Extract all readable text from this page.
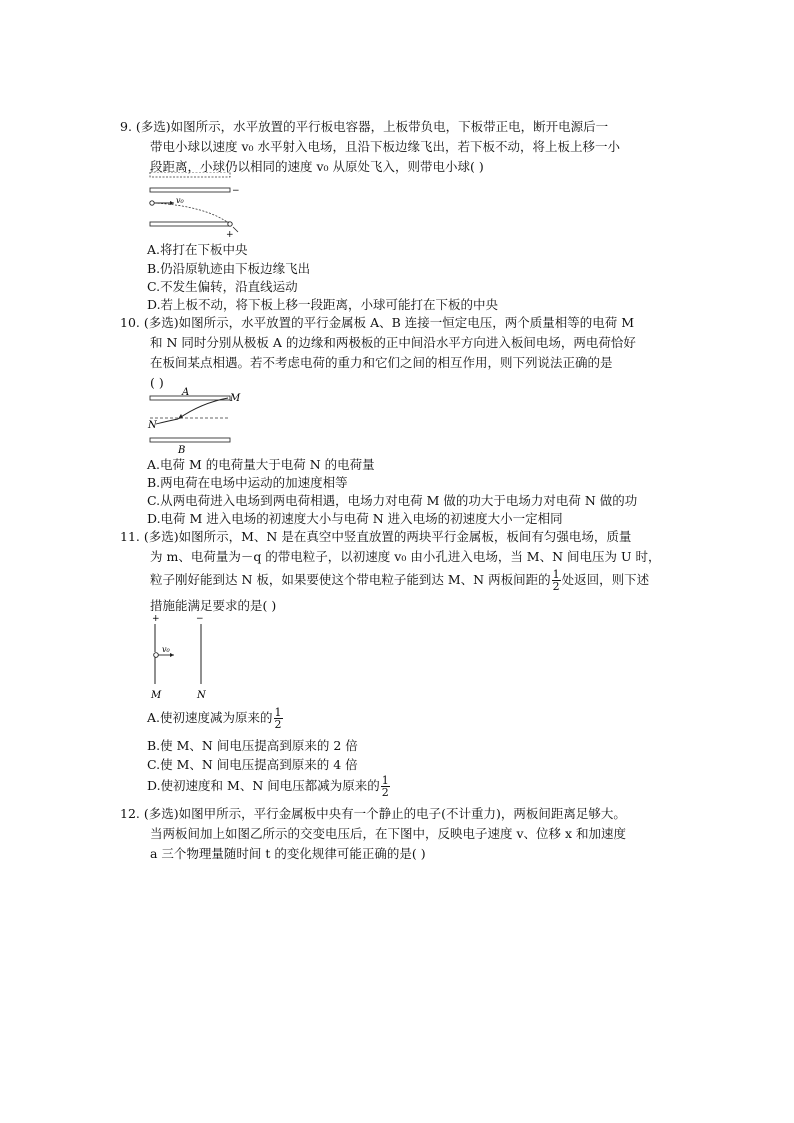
9. (多选)如图所示，水平放置的平行板电容器，上板带负电，下板带正电，断开电源后一

带电小球以速度 v₀ 水平射入电场，且沿下板边缘飞出，若下板不动，将上板上移一小

段距离，小球仍以相同的速度 v₀ 从原处飞入，则带电小球( )

−
+
v₀
A.将打在下板中央
B.仍沿原轨迹由下板边缘飞出
C.不发生偏转，沿直线运动
D.若上板不动，将下板上移一段距离，小球可能打在下板的中央

10. (多选)如图所示，水平放置的平行金属板 A、B 连接一恒定电压，两个质量相等的电荷 M

和 N 同时分别从极板 A 的边缘和两极板的正中间沿水平方向进入板间电场，两电荷恰好

在板间某点相遇。若不考虑电荷的重力和它们之间的相互作用，则下列说法正确的是

( )

A
M
N
B
A.电荷 M 的电荷量大于电荷 N 的电荷量
B.两电荷在电场中运动的加速度相等
C.从两电荷进入电场到两电荷相遇，电场力对电荷 M 做的功大于电场力对电荷 N 做的功
D.电荷 M 进入电场的初速度大小与电荷 N 进入电场的初速度大小一定相同

11. (多选)如图所示，M、N 是在真空中竖直放置的两块平行金属板，板间有匀强电场，质量

为 m、电荷量为－q 的带电粒子，以初速度 v₀ 由小孔进入电场，当 M、N 间电压为 U 时，

粒子刚好能到达 N 板，如果要使这个带电粒子能到达 M、N 两板间距的 $\frac{1}{2}$ 处返回，则下述

措施能满足要求的是( )

+	−
v₀
M	N
A.使初速度减为原来的 $\frac{1}{2}$
B.使 M、N 间电压提高到原来的 2 倍
C.使 M、N 间电压提高到原来的 4 倍
D.使初速度和 M、N 间电压都减为原来的 $\frac{1}{2}$

12. (多选)如图甲所示，平行金属板中央有一个静止的电子(不计重力)，两板间距离足够大。

当两板间加上如图乙所示的交变电压后，在下图中，反映电子速度 v、位移 x 和加速度

a 三个物理量随时间 t 的变化规律可能正确的是( )
